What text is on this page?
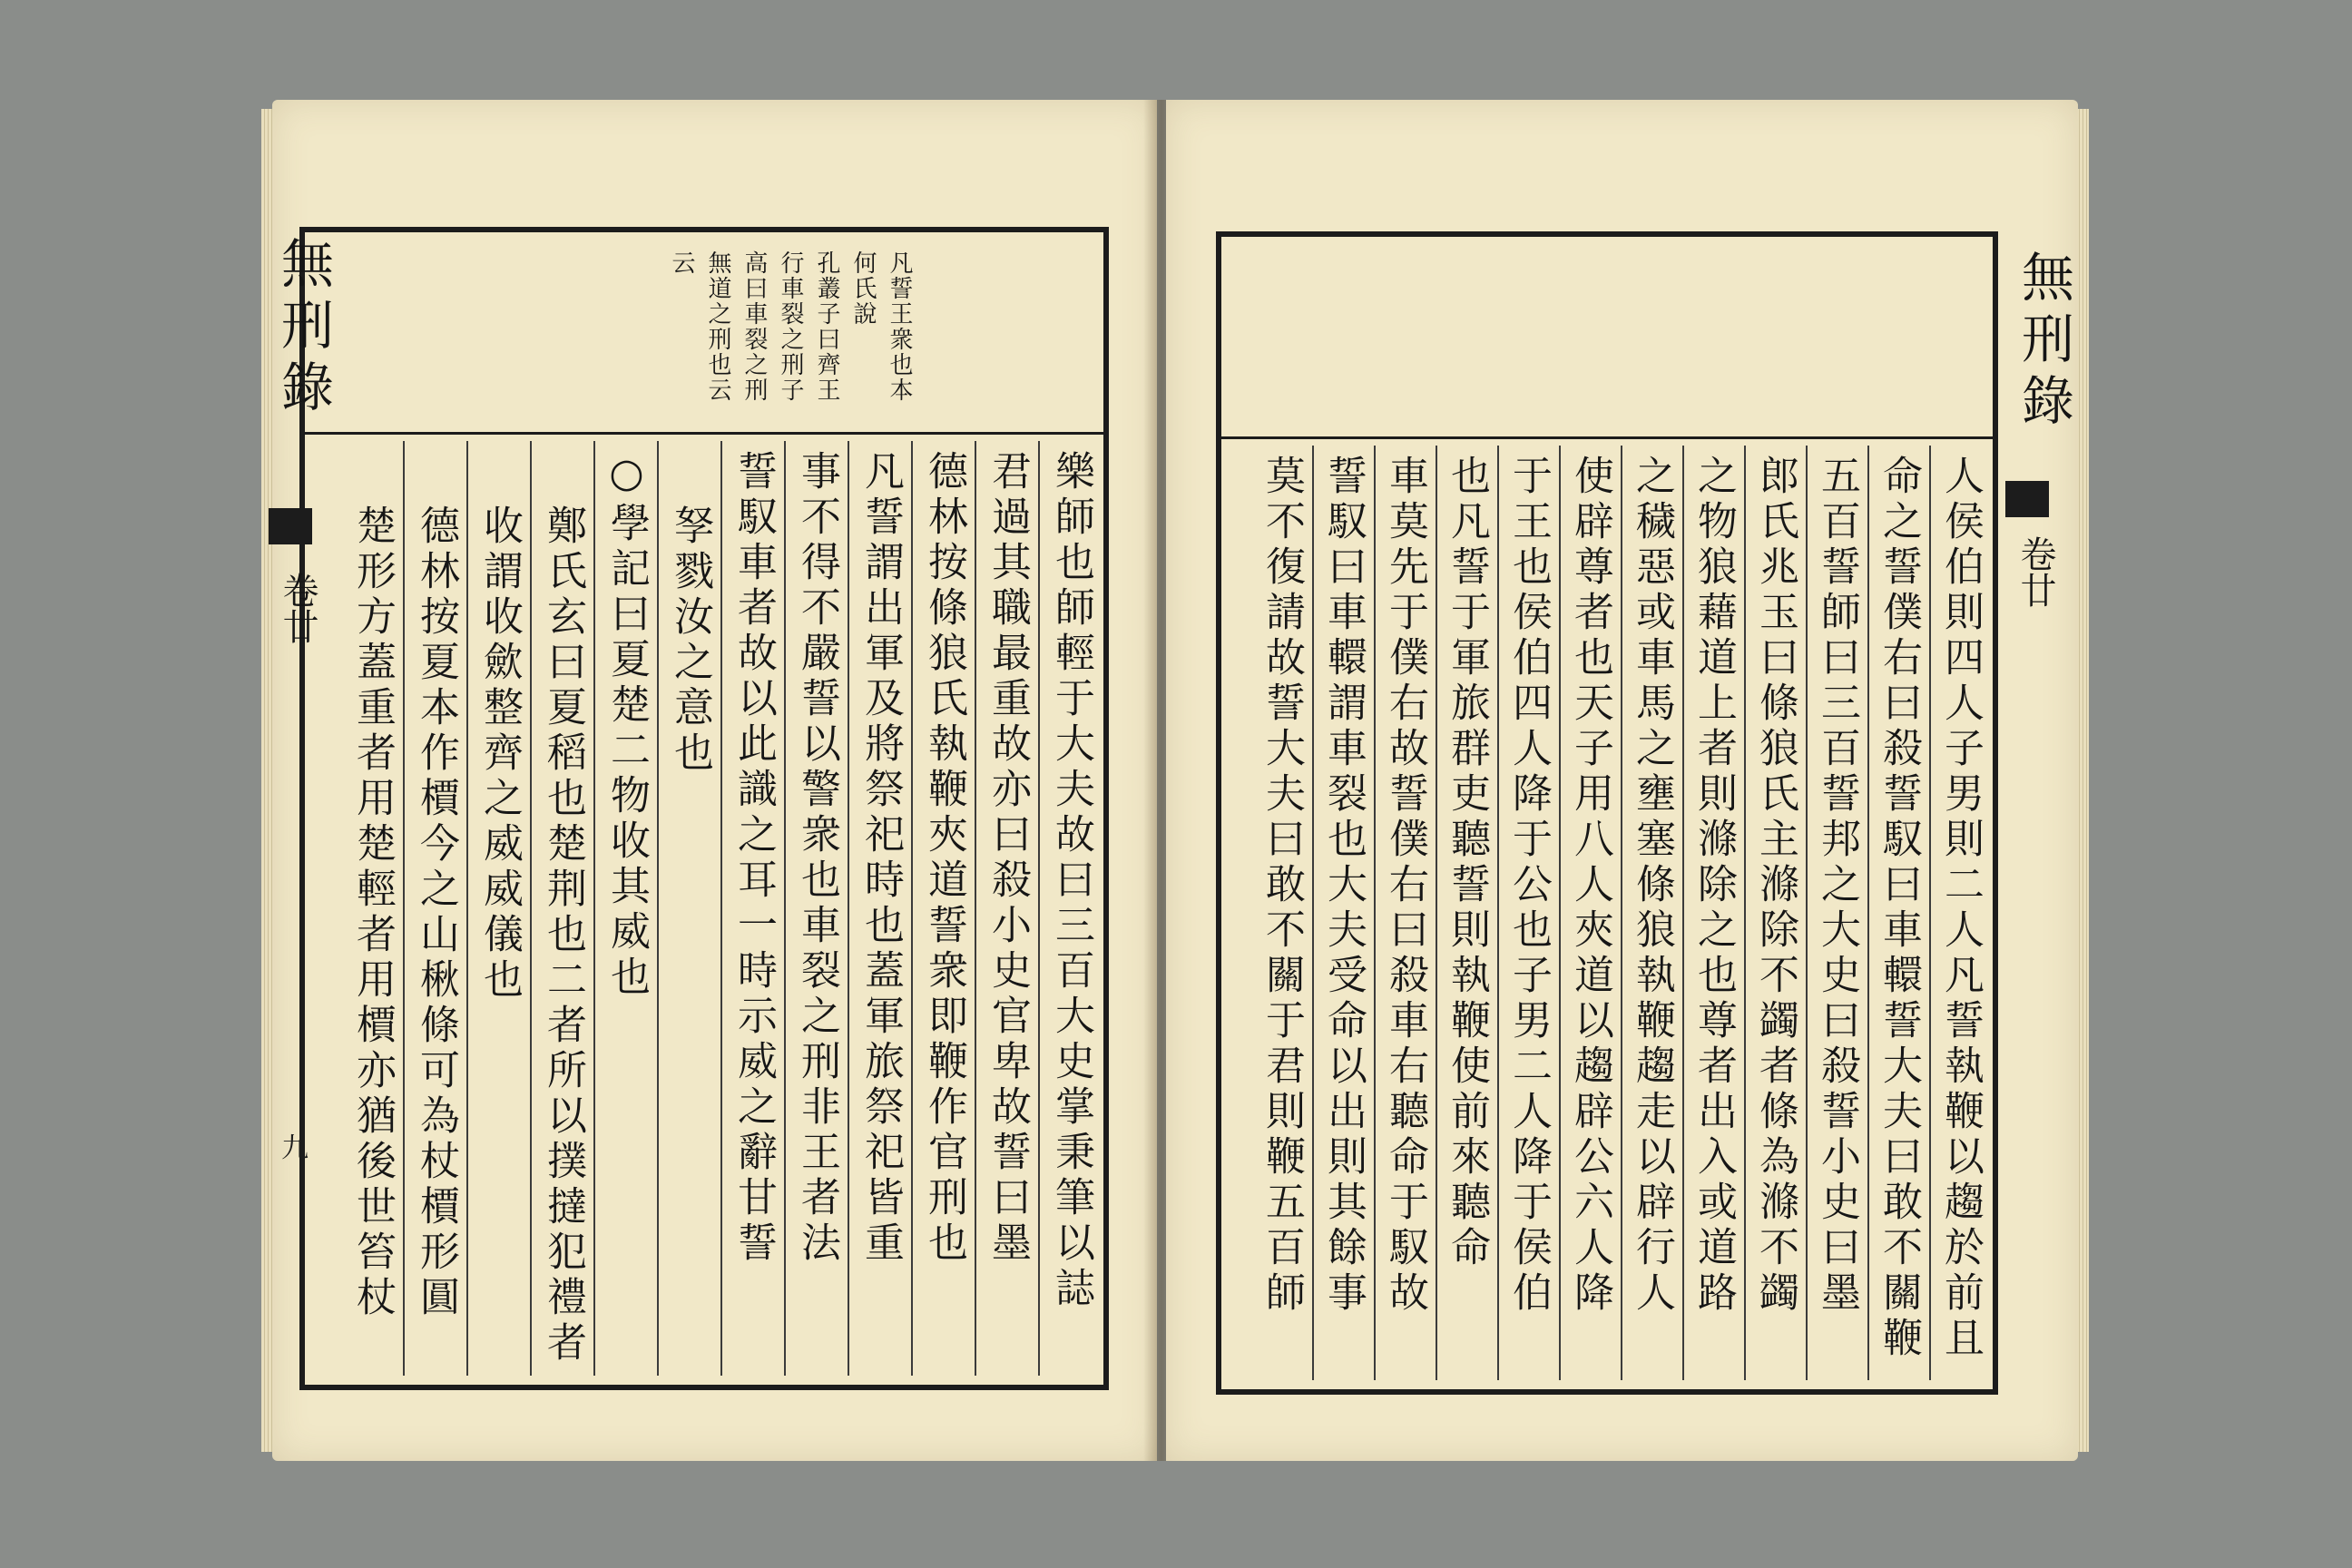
凡誓王衆也本
何氏說
孔叢子曰齊王
行車裂之刑子
高曰車裂之刑
無道之刑也云
云
樂師也師輕于大夫故曰三百大史掌秉筆以誌
君過其職最重故亦曰殺小史官卑故誓曰墨
德林按條狼氏執鞭夾道誓衆即鞭作官刑也
凡誓謂出軍及將祭祀時也蓋軍旅祭祀皆重
事不得不嚴誓以警衆也車裂之刑非王者法
誓馭車者故以此識之耳一時示威之辭甘誓
孥戮汝之意也
○學記曰夏楚二物收其威也
鄭氏玄曰夏稻也楚荆也二者所以撲撻犯禮者
收謂收歛整齊之威威儀也
德林按夏本作檟今之山楸條可為杖檟形圓
楚形方蓋重者用楚輕者用檟亦猶後世笞杖
無刑錄
卷廿
九	人侯伯則四人子男則二人凡誓執鞭以趨於前且
命之誓僕右曰殺誓馭曰車轘誓大夫曰敢不關鞭
五百誓師曰三百誓邦之大史曰殺誓小史曰墨
郎氏兆玉曰條狼氏主滌除不蠲者條為滌不蠲
之物狼藉道上者則滌除之也尊者出入或道路
之穢惡或車馬之壅塞條狼執鞭趨走以辟行人
使辟尊者也天子用八人夾道以趨辟公六人降
于王也侯伯四人降于公也子男二人降于侯伯
也凡誓于軍旅群吏聽誓則執鞭使前來聽命
車莫先于僕右故誓僕右曰殺車右聽命于馭故
誓馭曰車轘謂車裂也大夫受命以出則其餘事
莫不復請故誓大夫曰敢不關于君則鞭五百師
無刑錄
卷廿
